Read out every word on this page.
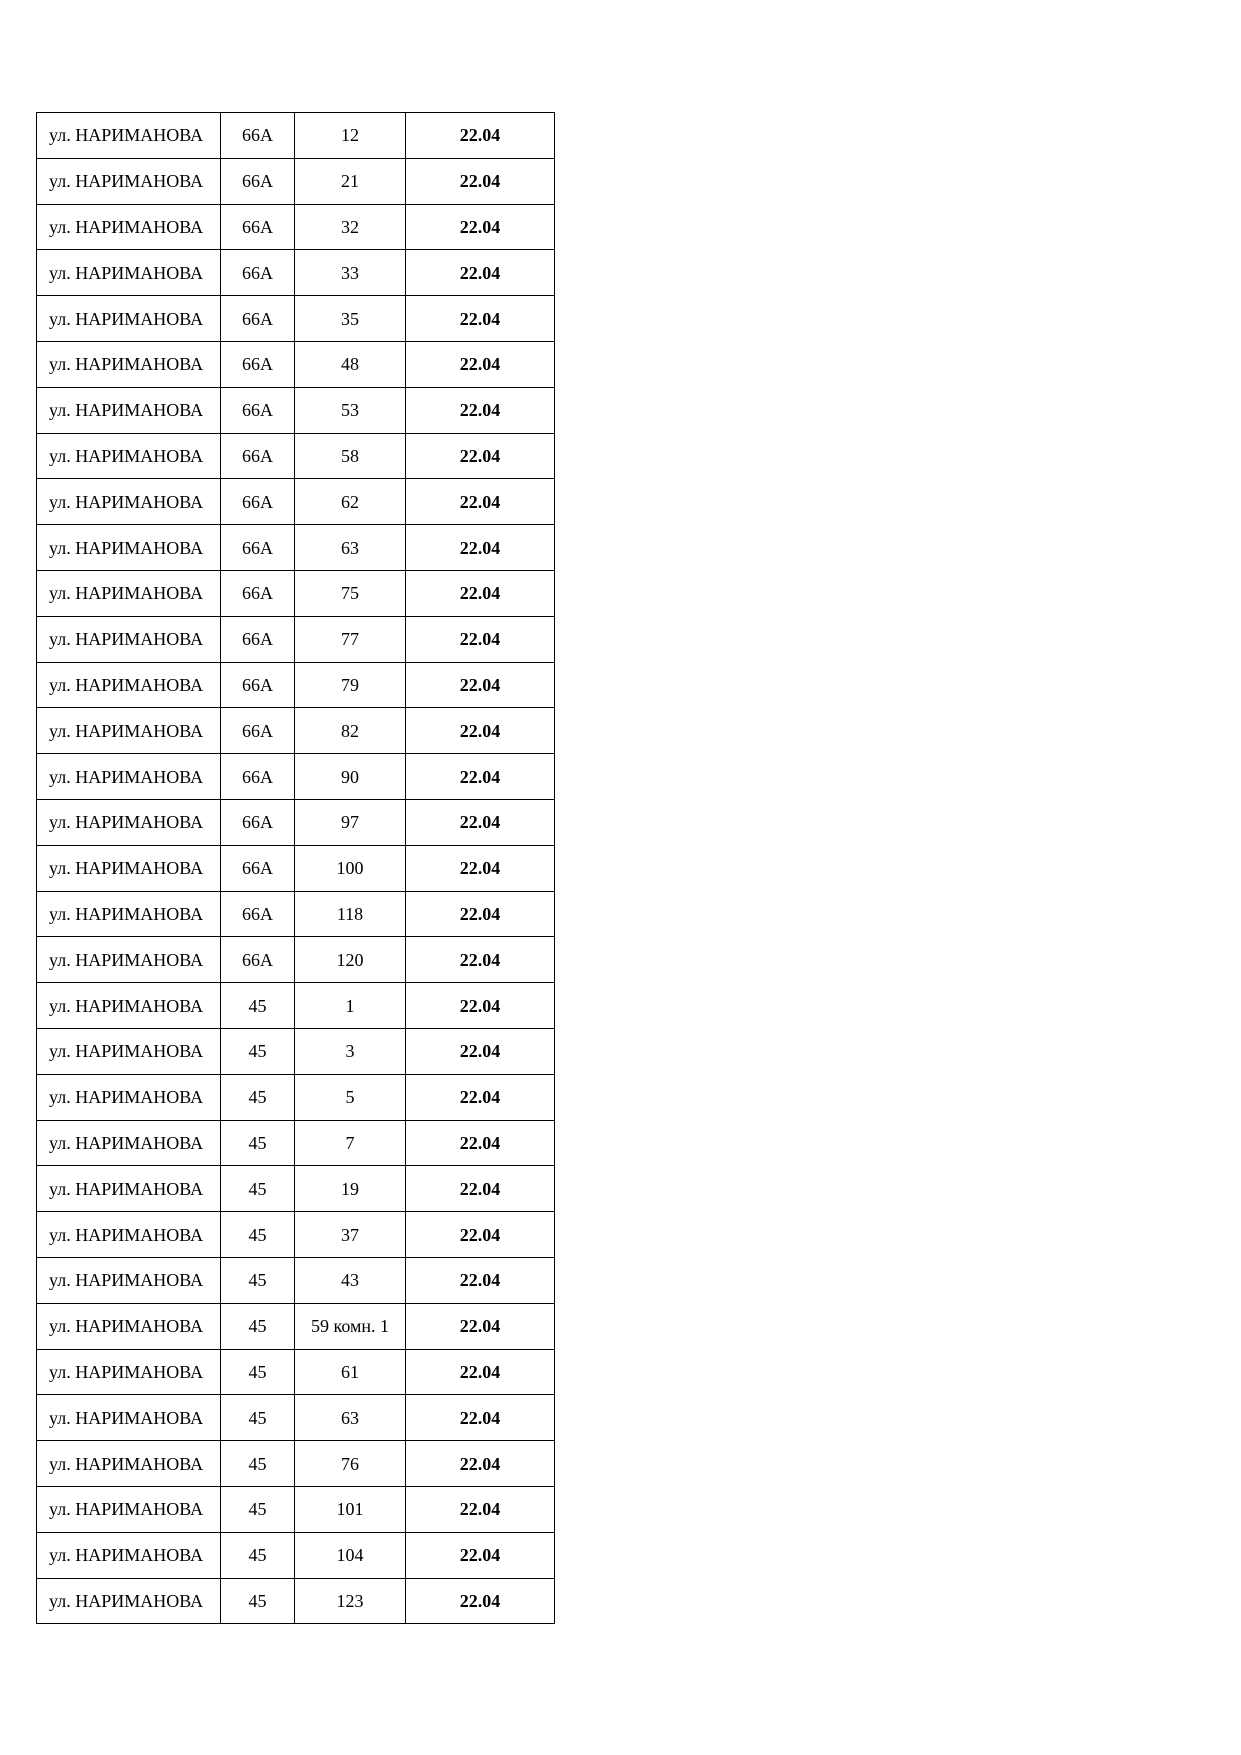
ул. НАРИМАНОВА	66А	12	22.04
ул. НАРИМАНОВА	66А	21	22.04
ул. НАРИМАНОВА	66А	32	22.04
ул. НАРИМАНОВА	66А	33	22.04
ул. НАРИМАНОВА	66А	35	22.04
ул. НАРИМАНОВА	66А	48	22.04
ул. НАРИМАНОВА	66А	53	22.04
ул. НАРИМАНОВА	66А	58	22.04
ул. НАРИМАНОВА	66А	62	22.04
ул. НАРИМАНОВА	66А	63	22.04
ул. НАРИМАНОВА	66А	75	22.04
ул. НАРИМАНОВА	66А	77	22.04
ул. НАРИМАНОВА	66А	79	22.04
ул. НАРИМАНОВА	66А	82	22.04
ул. НАРИМАНОВА	66А	90	22.04
ул. НАРИМАНОВА	66А	97	22.04
ул. НАРИМАНОВА	66А	100	22.04
ул. НАРИМАНОВА	66А	118	22.04
ул. НАРИМАНОВА	66А	120	22.04
ул. НАРИМАНОВА	45	1	22.04
ул. НАРИМАНОВА	45	3	22.04
ул. НАРИМАНОВА	45	5	22.04
ул. НАРИМАНОВА	45	7	22.04
ул. НАРИМАНОВА	45	19	22.04
ул. НАРИМАНОВА	45	37	22.04
ул. НАРИМАНОВА	45	43	22.04
ул. НАРИМАНОВА	45	59 комн. 1	22.04
ул. НАРИМАНОВА	45	61	22.04
ул. НАРИМАНОВА	45	63	22.04
ул. НАРИМАНОВА	45	76	22.04
ул. НАРИМАНОВА	45	101	22.04
ул. НАРИМАНОВА	45	104	22.04
ул. НАРИМАНОВА	45	123	22.04
